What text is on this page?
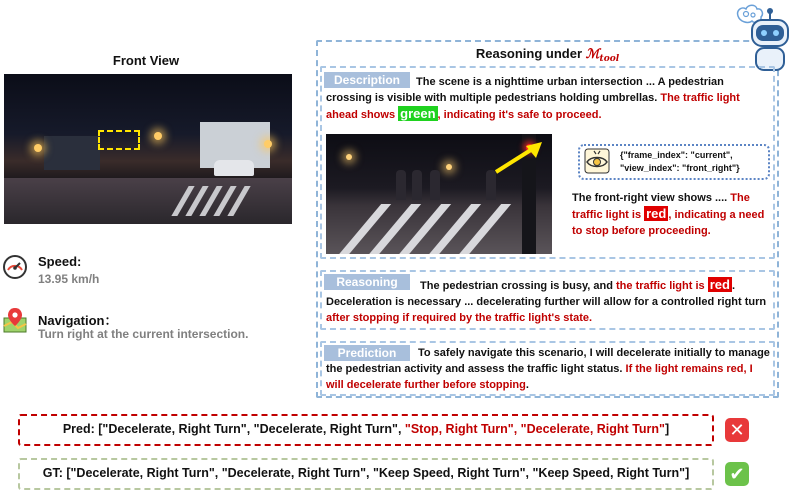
Front View
Speed:
13.95 km/h
Navigation：
Turn right at the current intersection.
Reasoning under ℳ$_{tool}$
Description	The scene is a nighttime urban intersection ... A pedestrian crossing is visible with multiple pedestrians holding umbrellas. The traffic light ahead shows green , indicating it's safe to proceed.
{"frame_index": "current",
"view_index": "front_right"}
The front-right view shows .... The traffic light is red , indicating a need to stop before proceeding.
Reasoning	The pedestrian crossing is busy, and the traffic light is red . Deceleration is necessary ... decelerating further will allow for a controlled right turn after stopping if required by the traffic light's state.
Prediction	To safely navigate this scenario, I will decelerate initially to manage the pedestrian activity and assess the traffic light status. If the light remains red, I will decelerate further before stopping.
Pred: ["Decelerate, Right Turn", "Decelerate, Right Turn", "Stop, Right Turn", "Decelerate, Right Turn"]	✕
GT: ["Decelerate, Right Turn", "Decelerate, Right Turn", "Keep Speed, Right Turn", "Keep Speed, Right Turn"]	✔
